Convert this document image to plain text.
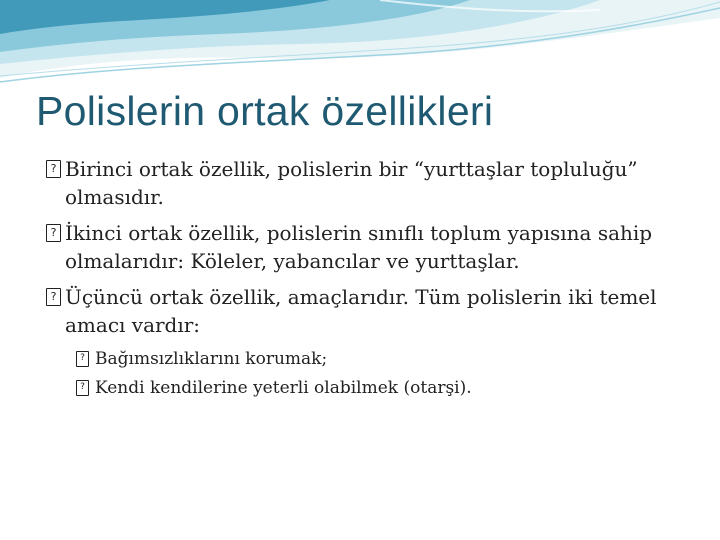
Polislerin ortak özellikleri
? Birinci ortak özellik, polislerin bir “yurttaşlar topluluğu” olmasıdır.
? İkinci ortak özellik, polislerin sınıflı toplum yapısına sahip olmalarıdır: Köleler, yabancılar ve yurttaşlar.
? Üçüncü ortak özellik, amaçlarıdır. Tüm polislerin iki temel amacı vardır:
? Bağımsızlıklarını korumak;
? Kendi kendilerine yeterli olabilmek (otarşi).
